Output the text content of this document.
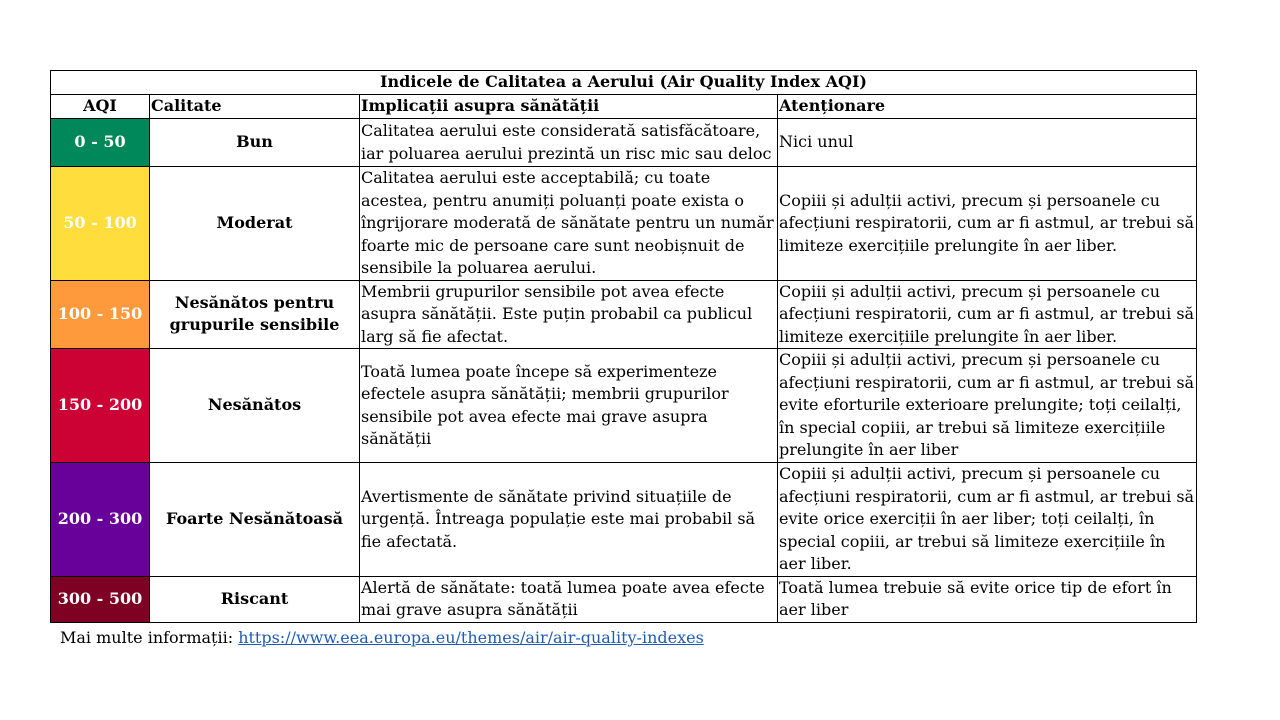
Indicele de Calitatea a Aerului (Air Quality Index AQI)			
AQI	Calitate	Implicații asupra sănătății	Atenționare
0 - 50	Bun	Calitatea aerului este considerată satisfăcătoare, iar poluarea aerului prezintă un risc mic sau deloc	Nici unul
50 - 100	Moderat	Calitatea aerului este acceptabilă; cu toate acestea, pentru anumiți poluanți poate exista o îngrijorare moderată de sănătate pentru un număr foarte mic de persoane care sunt neobișnuit de sensibile la poluarea aerului.	Copiii și adulții activi, precum și persoanele cu afecțiuni respiratorii, cum ar fi astmul, ar trebui să limiteze exercițiile prelungite în aer liber.
100 - 150	Nesănătos pentru grupurile sensibile	Membrii grupurilor sensibile pot avea efecte asupra sănătății. Este puțin probabil ca publicul larg să fie afectat.	Copiii și adulții activi, precum și persoanele cu afecțiuni respiratorii, cum ar fi astmul, ar trebui să limiteze exercițiile prelungite în aer liber.
150 - 200	Nesănătos	Toată lumea poate începe să experimenteze efectele asupra sănătății; membrii grupurilor sensibile pot avea efecte mai grave asupra sănătății	Copiii și adulții activi, precum și persoanele cu afecțiuni respiratorii, cum ar fi astmul, ar trebui să evite eforturile exterioare prelungite; toți ceilalți, în special copiii, ar trebui să limiteze exercițiile prelungite în aer liber
200 - 300	Foarte Nesănătoasă	Avertismente de sănătate privind situațiile de urgență. Întreaga populație este mai probabil să fie afectată.	Copiii și adulții activi, precum și persoanele cu afecțiuni respiratorii, cum ar fi astmul, ar trebui să evite orice exerciții în aer liber; toți ceilalți, în special copiii, ar trebui să limiteze exercițiile în aer liber.
300 - 500	Riscant	Alertă de sănătate: toată lumea poate avea efecte mai grave asupra sănătății	Toată lumea trebuie să evite orice tip de efort în aer liber
Mai multe informații: https://www.eea.europa.eu/themes/air/air-quality-indexes
